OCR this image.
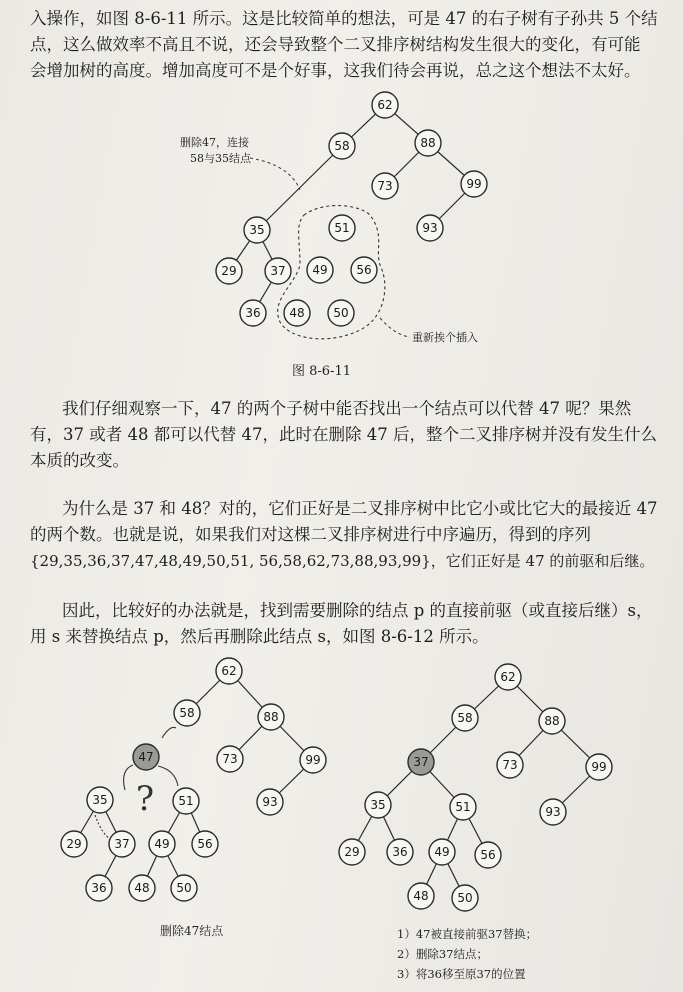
入操作，如图 8-6-11 所示。这是比较简单的想法，可是 47 的右子树有子孙共 5 个结
点，这么做效率不高且不说，还会导致整个二叉排序树结构发生很大的变化，有可能
会增加树的高度。增加高度可不是个好事，这我们待会再说，总之这个想法不太好。
我们仔细观察一下，47 的两个子树中能否找出一个结点可以代替 47 呢？果然
有，37 或者 48 都可以代替 47，此时在删除 47 后，整个二叉排序树并没有发生什么
本质的改变。
为什么是 37 和 48？对的，它们正好是二叉排序树中比它小或比它大的最接近 47
的两个数。也就是说，如果我们对这棵二叉排序树进行中序遍历，得到的序列
{29,35,36,37,47,48,49,50,51, 56,58,62,73,88,93,99}，它们正好是 47 的前驱和后继。
因此，比较好的办法就是，找到需要删除的结点 p 的直接前驱（或直接后继）s，
用 s 来替换结点 p，然后再删除此结点 s，如图 8-6-12 所示。
62
58	88
73	99
93
35
29	37
36
51
49 56
48 50
删除47，连接
58与35结点
重新挨个插入
图 8-6-11
62
58	88
47	73	99
93
35	51
29	37 49 56
36 48 50
?
删除47结点
62
58	88
37	73	99
93
35	51
29	36 49	56
48 50
1）47被直接前驱37替换；
2）删除37结点；
3）将36移至原37的位置
